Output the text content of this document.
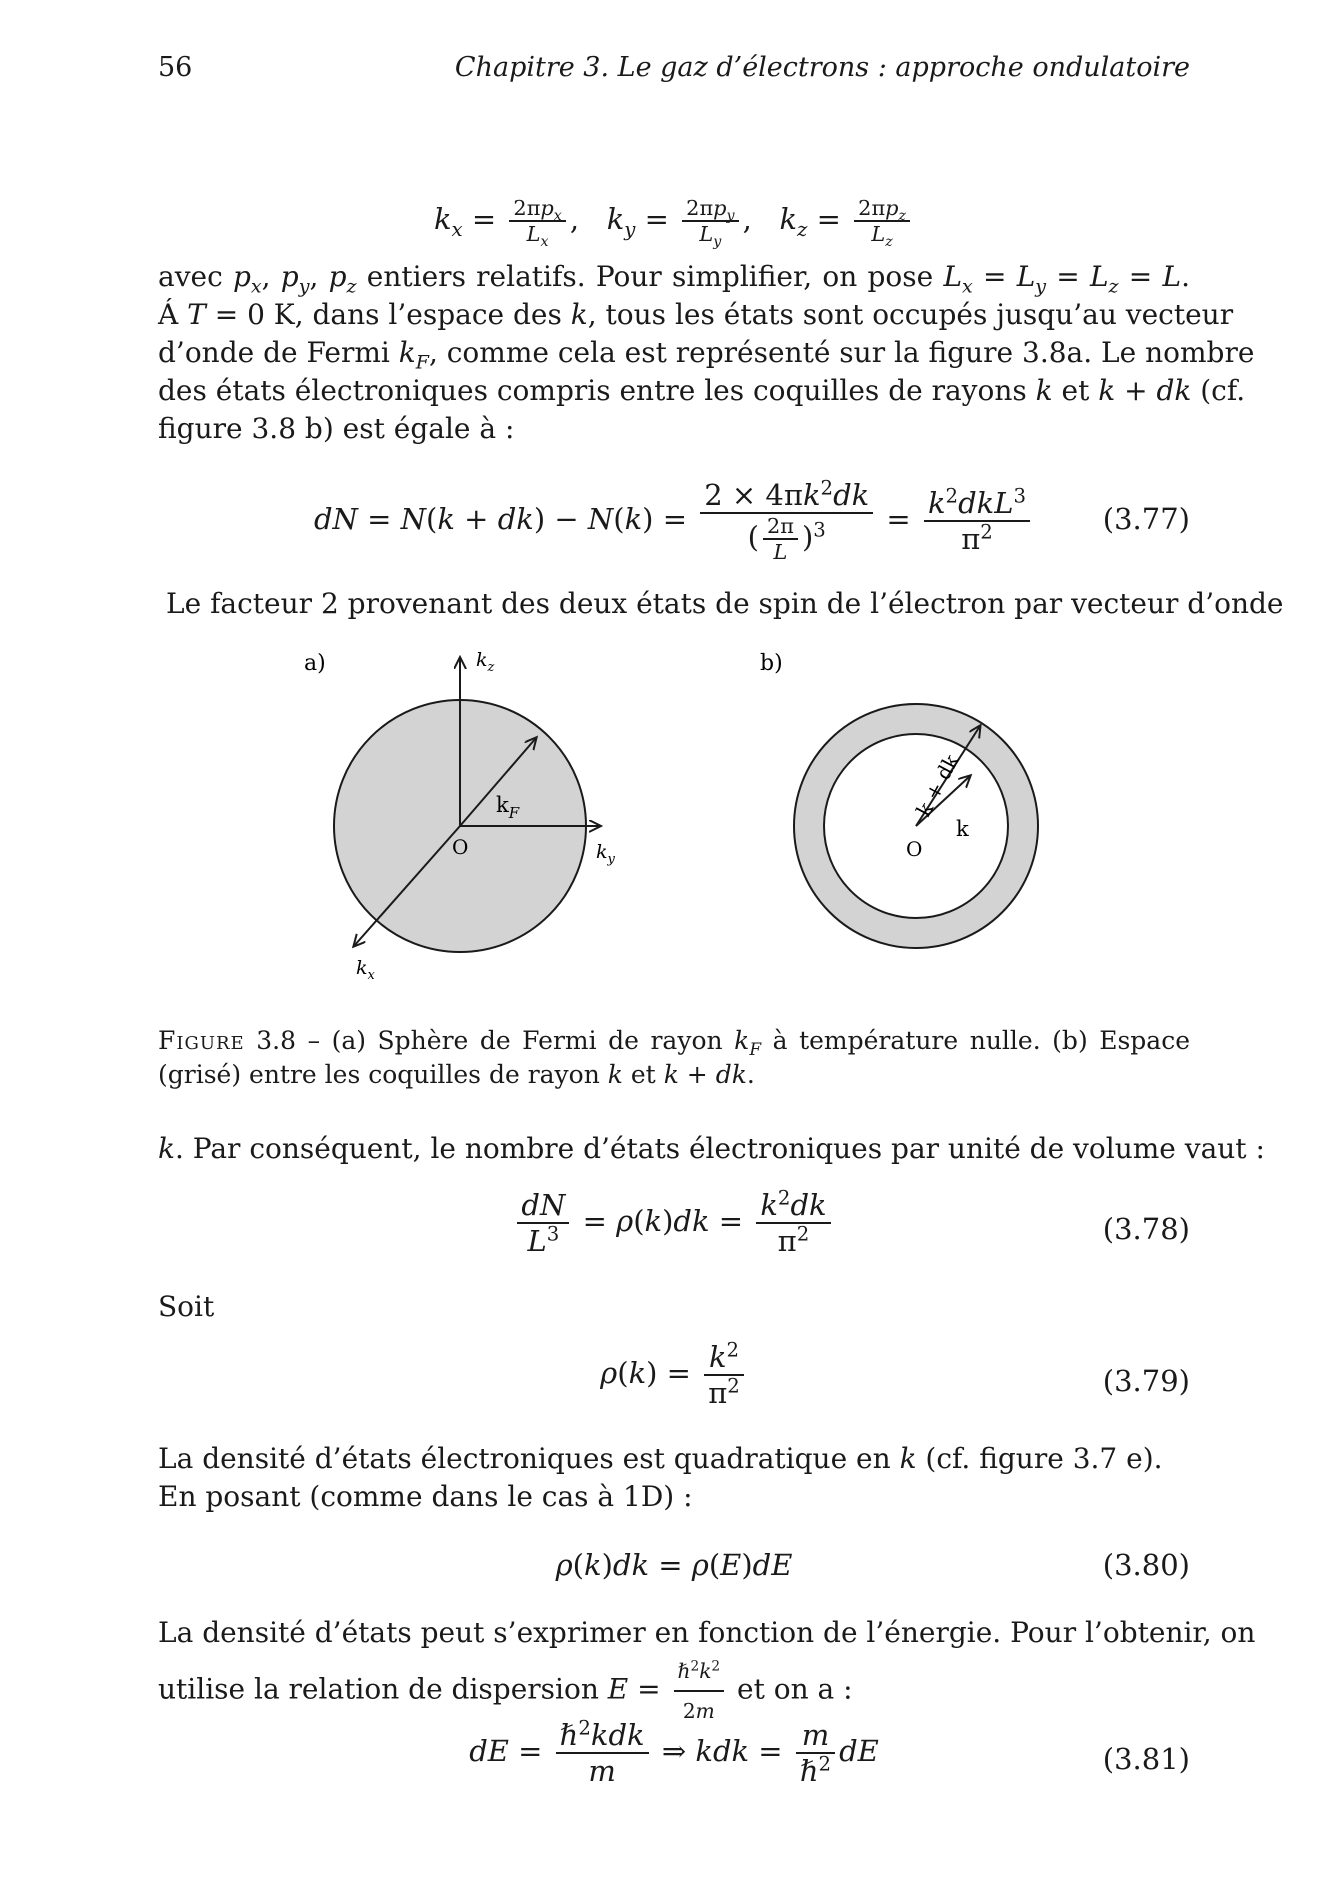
56	Chapitre 3. Le gaz d’électrons : approche ondulatoire
$k_x = \frac{2\pi p_x}{L_x}$ ,   $k_y = \frac{2\pi p_y}{L_y}$ ,   $k_z = \frac{2\pi p_z}{L_z}$
avec $p_x$, $p_y$, $p_z$ entiers relatifs. Pour simplifier, on pose $L_x = L_y = L_z = L$.
Á T = 0 K, dans l’espace des k, tous les états sont occupés jusqu’au vecteur
d’onde de Fermi $k_F$, comme cela est représenté sur la figure 3.8a. Le nombre
des états électroniques compris entre les coquilles de rayons k et k + dk (cf.
figure 3.8 b) est égale à :
dN = $N(k + dk) - N(k) = \frac{2 \times 4\pi k^2dk}{( \frac{2\pi}{L} )^3} = \frac{k^2dkL^3}{\pi^2}$	(3.77)
Le facteur 2 provenant des deux états de spin de l’électron par vecteur d’onde
a)	$k_z$
$k_y$
$k_x$
$k_F$
O
b)
O
k
k + dk
Figure 3.8 – (a) Sphère de Fermi de rayon $k_F$ à température nulle. (b) Espace
(grisé) entre les coquilles de rayon k et k + dk.
k. Par conséquent, le nombre d’états électroniques par unité de volume vaut :
$\frac{dN}{L^3} = \rho(k)dk = \frac{k^2dk}{\pi^2}$	(3.78)
Soit
$\rho(k) = \frac{k^2}{\pi^2}$	(3.79)
La densité d’états électroniques est quadratique en k (cf. figure 3.7 e).
En posant (comme dans le cas à 1D) :
ρ(k)dk = ρ(E)dE	(3.80)
La densité d’états peut s’exprimer en fonction de l’énergie. Pour l’obtenir, on
utilise la relation de dispersion $E = \frac{\hbar^2k^2}{2m}$ et on a :
dE = $\frac{\hbar^2kdk}{m}$ ⇒ kdk = $\frac{m}{\hbar^2}$ dE	(3.81)
